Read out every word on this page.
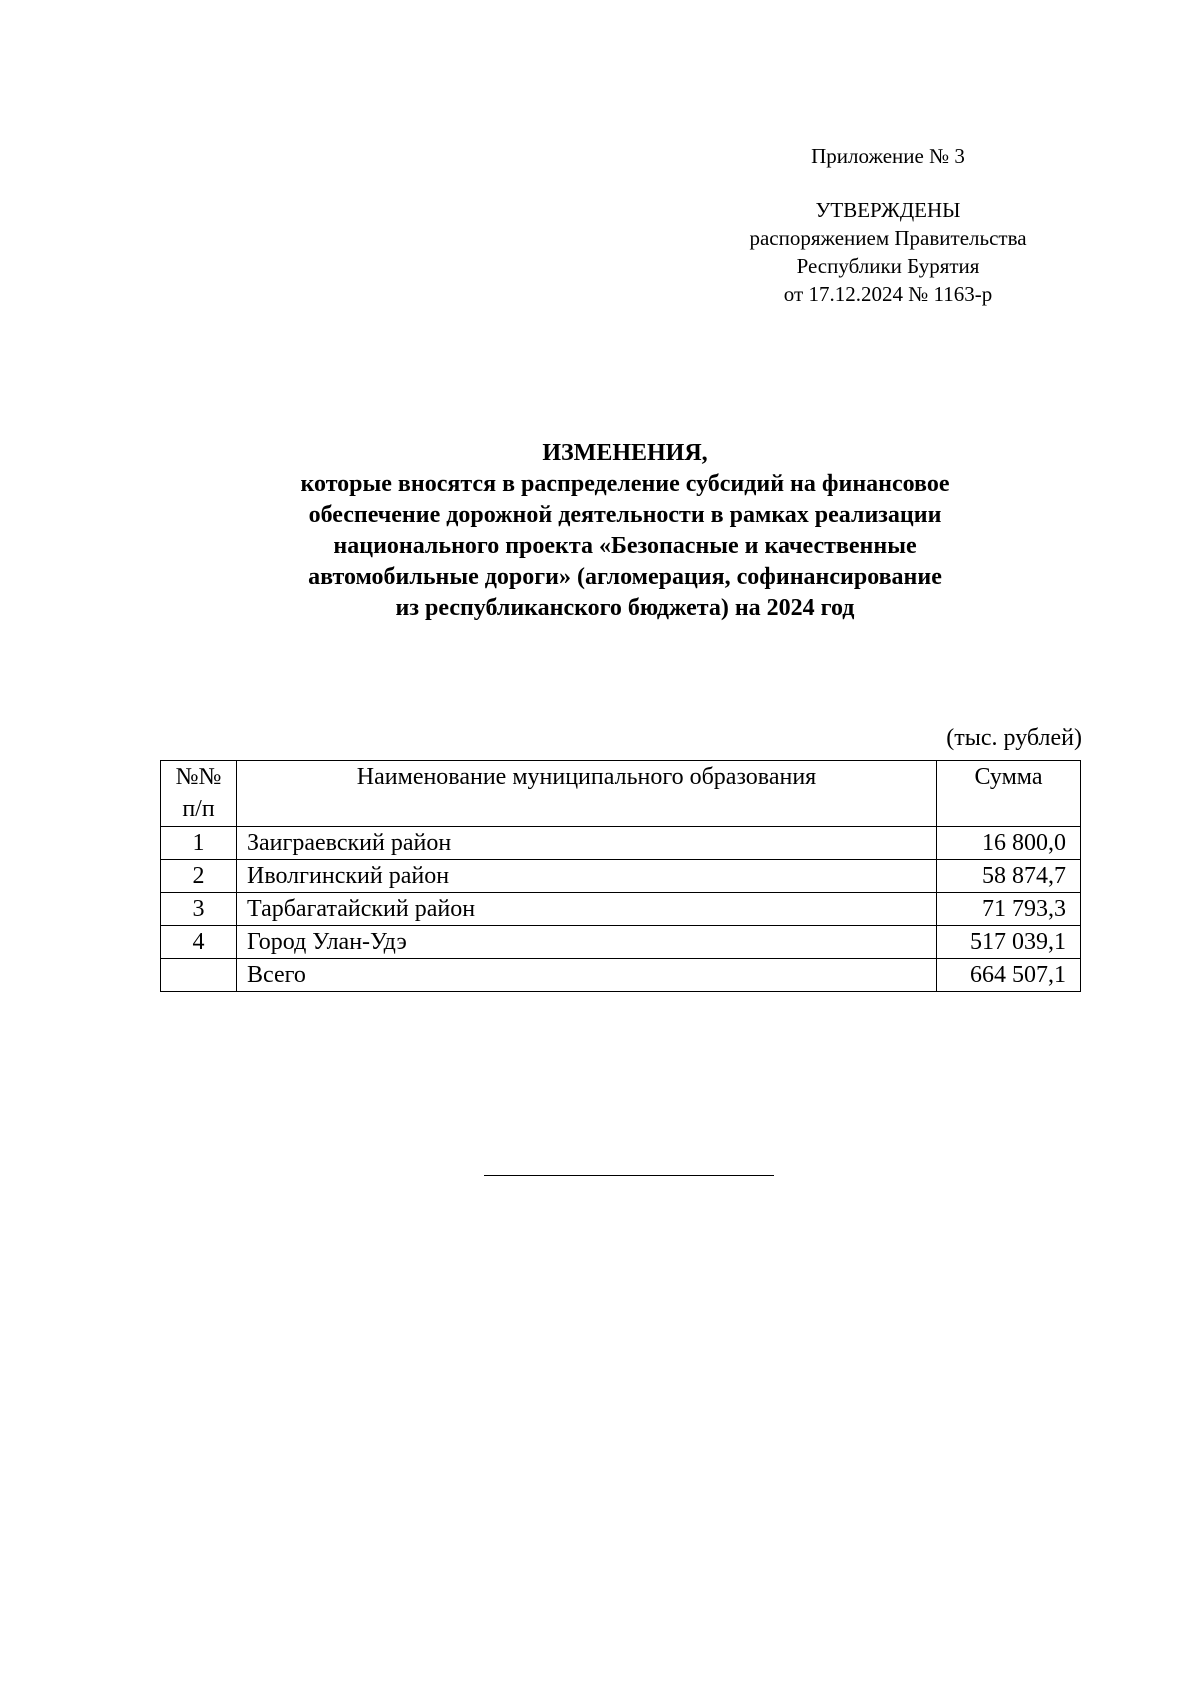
Приложение № 3
УТВЕРЖДЕНЫ
распоряжением Правительства
Республики Бурятия
от 17.12.2024 № 1163-р
ИЗМЕНЕНИЯ,
которые вносятся в распределение субсидий на финансовое
обеспечение дорожной деятельности в рамках реализации
национального проекта «Безопасные и качественные
автомобильные дороги» (агломерация, софинансирование
из республиканского бюджета) на 2024 год
(тыс. рублей)
№№
п/п	Наименование муниципального образования	Сумма
1	Заиграевский район	16 800,0
2	Иволгинский район	58 874,7
3	Тарбагатайский район	71 793,3
4	Город Улан-Удэ	517 039,1
	Всего	664 507,1
